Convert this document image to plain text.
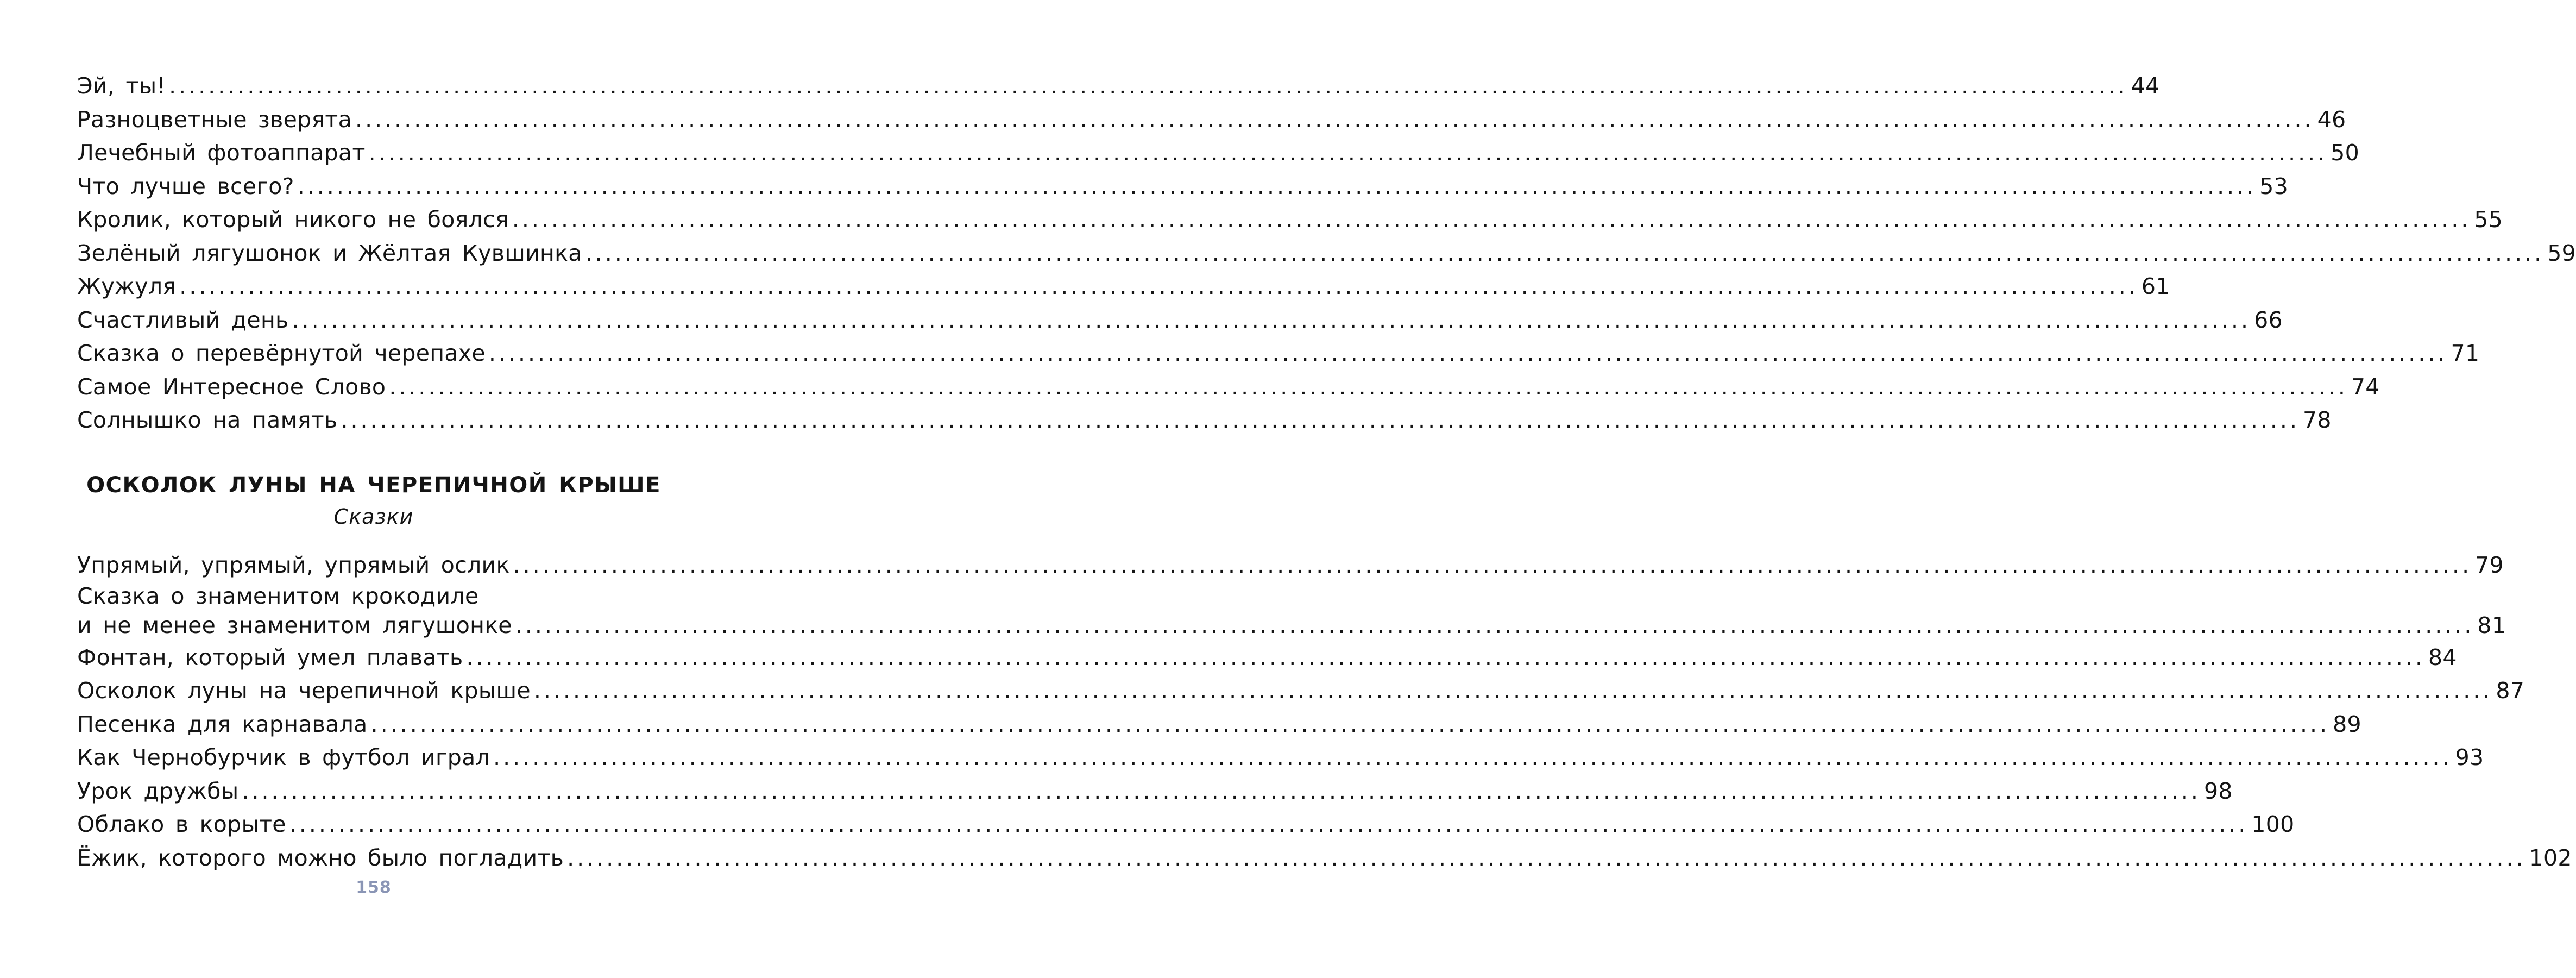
Эй, ты! ........................................................................................................................................................................................................ 44
Разноцветные зверята ........................................................................................................................................................................................................ 46
Лечебный фотоаппарат ........................................................................................................................................................................................................ 50
Что лучше всего? ........................................................................................................................................................................................................ 53
Кролик, который никого не боялся ........................................................................................................................................................................................................ 55
Зелёный лягушонок и Жёлтая Кувшинка ........................................................................................................................................................................................................ 59
Жужуля ........................................................................................................................................................................................................ 61
Счастливый день ........................................................................................................................................................................................................ 66
Сказка о перевёрнутой черепахе ........................................................................................................................................................................................................ 71
Самое Интересное Слово ........................................................................................................................................................................................................ 74
Солнышко на память ........................................................................................................................................................................................................ 78
ОСКОЛОК ЛУНЫ НА ЧЕРЕПИЧНОЙ КРЫШЕ
Сказки
Упрямый, упрямый, упрямый ослик ........................................................................................................................................................................................................ 79
Сказка о знаменитом крокодиле
и не менее знаменитом лягушонке ........................................................................................................................................................................................................ 81
Фонтан, который умел плавать ........................................................................................................................................................................................................ 84
Осколок луны на черепичной крыше ........................................................................................................................................................................................................ 87
Песенка для карнавала ........................................................................................................................................................................................................ 89
Как Чернобурчик в футбол играл ........................................................................................................................................................................................................ 93
Урок дружбы ........................................................................................................................................................................................................ 98
Облако в корыте ........................................................................................................................................................................................................ 100
Ёжик, которого можно было погладить ........................................................................................................................................................................................................ 102
158
